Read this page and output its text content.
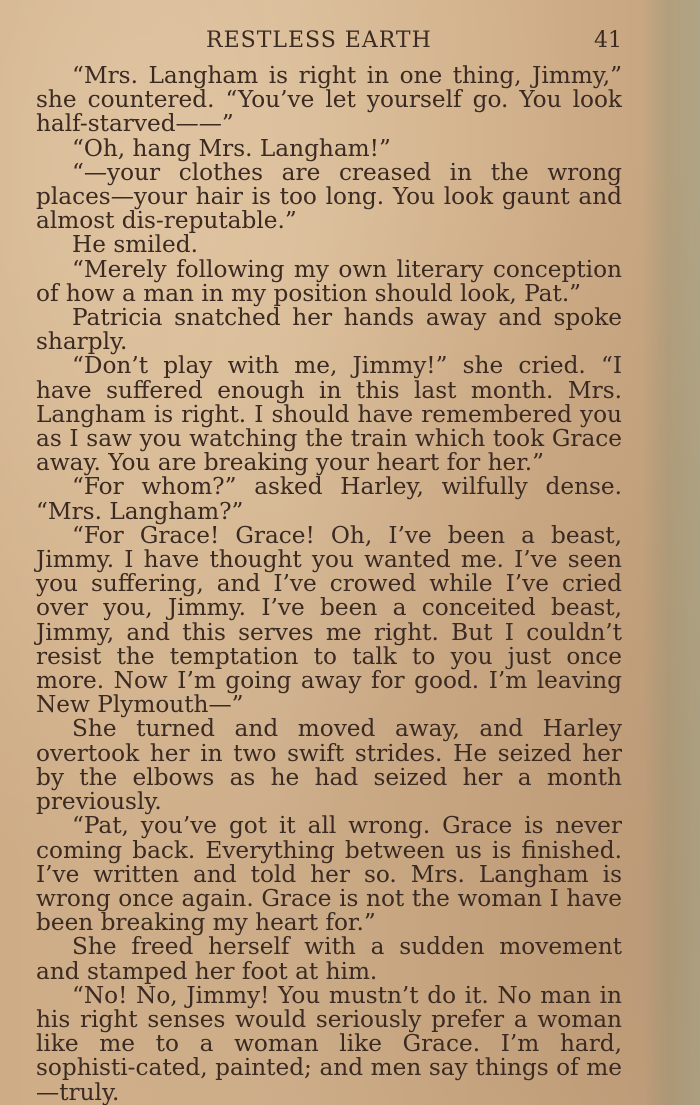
RESTLESS EARTH	41

“Mrs. Langham is right in one thing, Jimmy,” she countered. “You’ve let yourself go. You look half-starved——”

“Oh, hang Mrs. Langham!”

“—your clothes are creased in the wrong places—your hair is too long. You look gaunt and almost dis-reputable.”

He smiled.

“Merely following my own literary conception of how a man in my position should look, Pat.”

Patricia snatched her hands away and spoke sharply.

“Don’t play with me, Jimmy!” she cried. “I have suffered enough in this last month. Mrs. Langham is right. I should have remembered you as I saw you watching the train which took Grace away. You are breaking your heart for her.”

“For whom?” asked Harley, wilfully dense. “Mrs. Langham?”

“For Grace! Grace! Oh, I’ve been a beast, Jimmy. I have thought you wanted me. I’ve seen you suffering, and I’ve crowed while I’ve cried over you, Jimmy. I’ve been a conceited beast, Jimmy, and this serves me right. But I couldn’t resist the temptation to talk to you just once more. Now I’m going away for good. I’m leaving New Plymouth—”

She turned and moved away, and Harley overtook her in two swift strides. He seized her by the elbows as he had seized her a month previously.

“Pat, you’ve got it all wrong. Grace is never coming back. Everything between us is finished. I’ve written and told her so. Mrs. Langham is wrong once again. Grace is not the woman I have been breaking my heart for.”

She freed herself with a sudden movement and stamped her foot at him.

“No! No, Jimmy! You mustn’t do it. No man in his right senses would seriously prefer a woman like me to a woman like Grace. I’m hard, sophisti-cated, painted; and men say things of me—truly.
